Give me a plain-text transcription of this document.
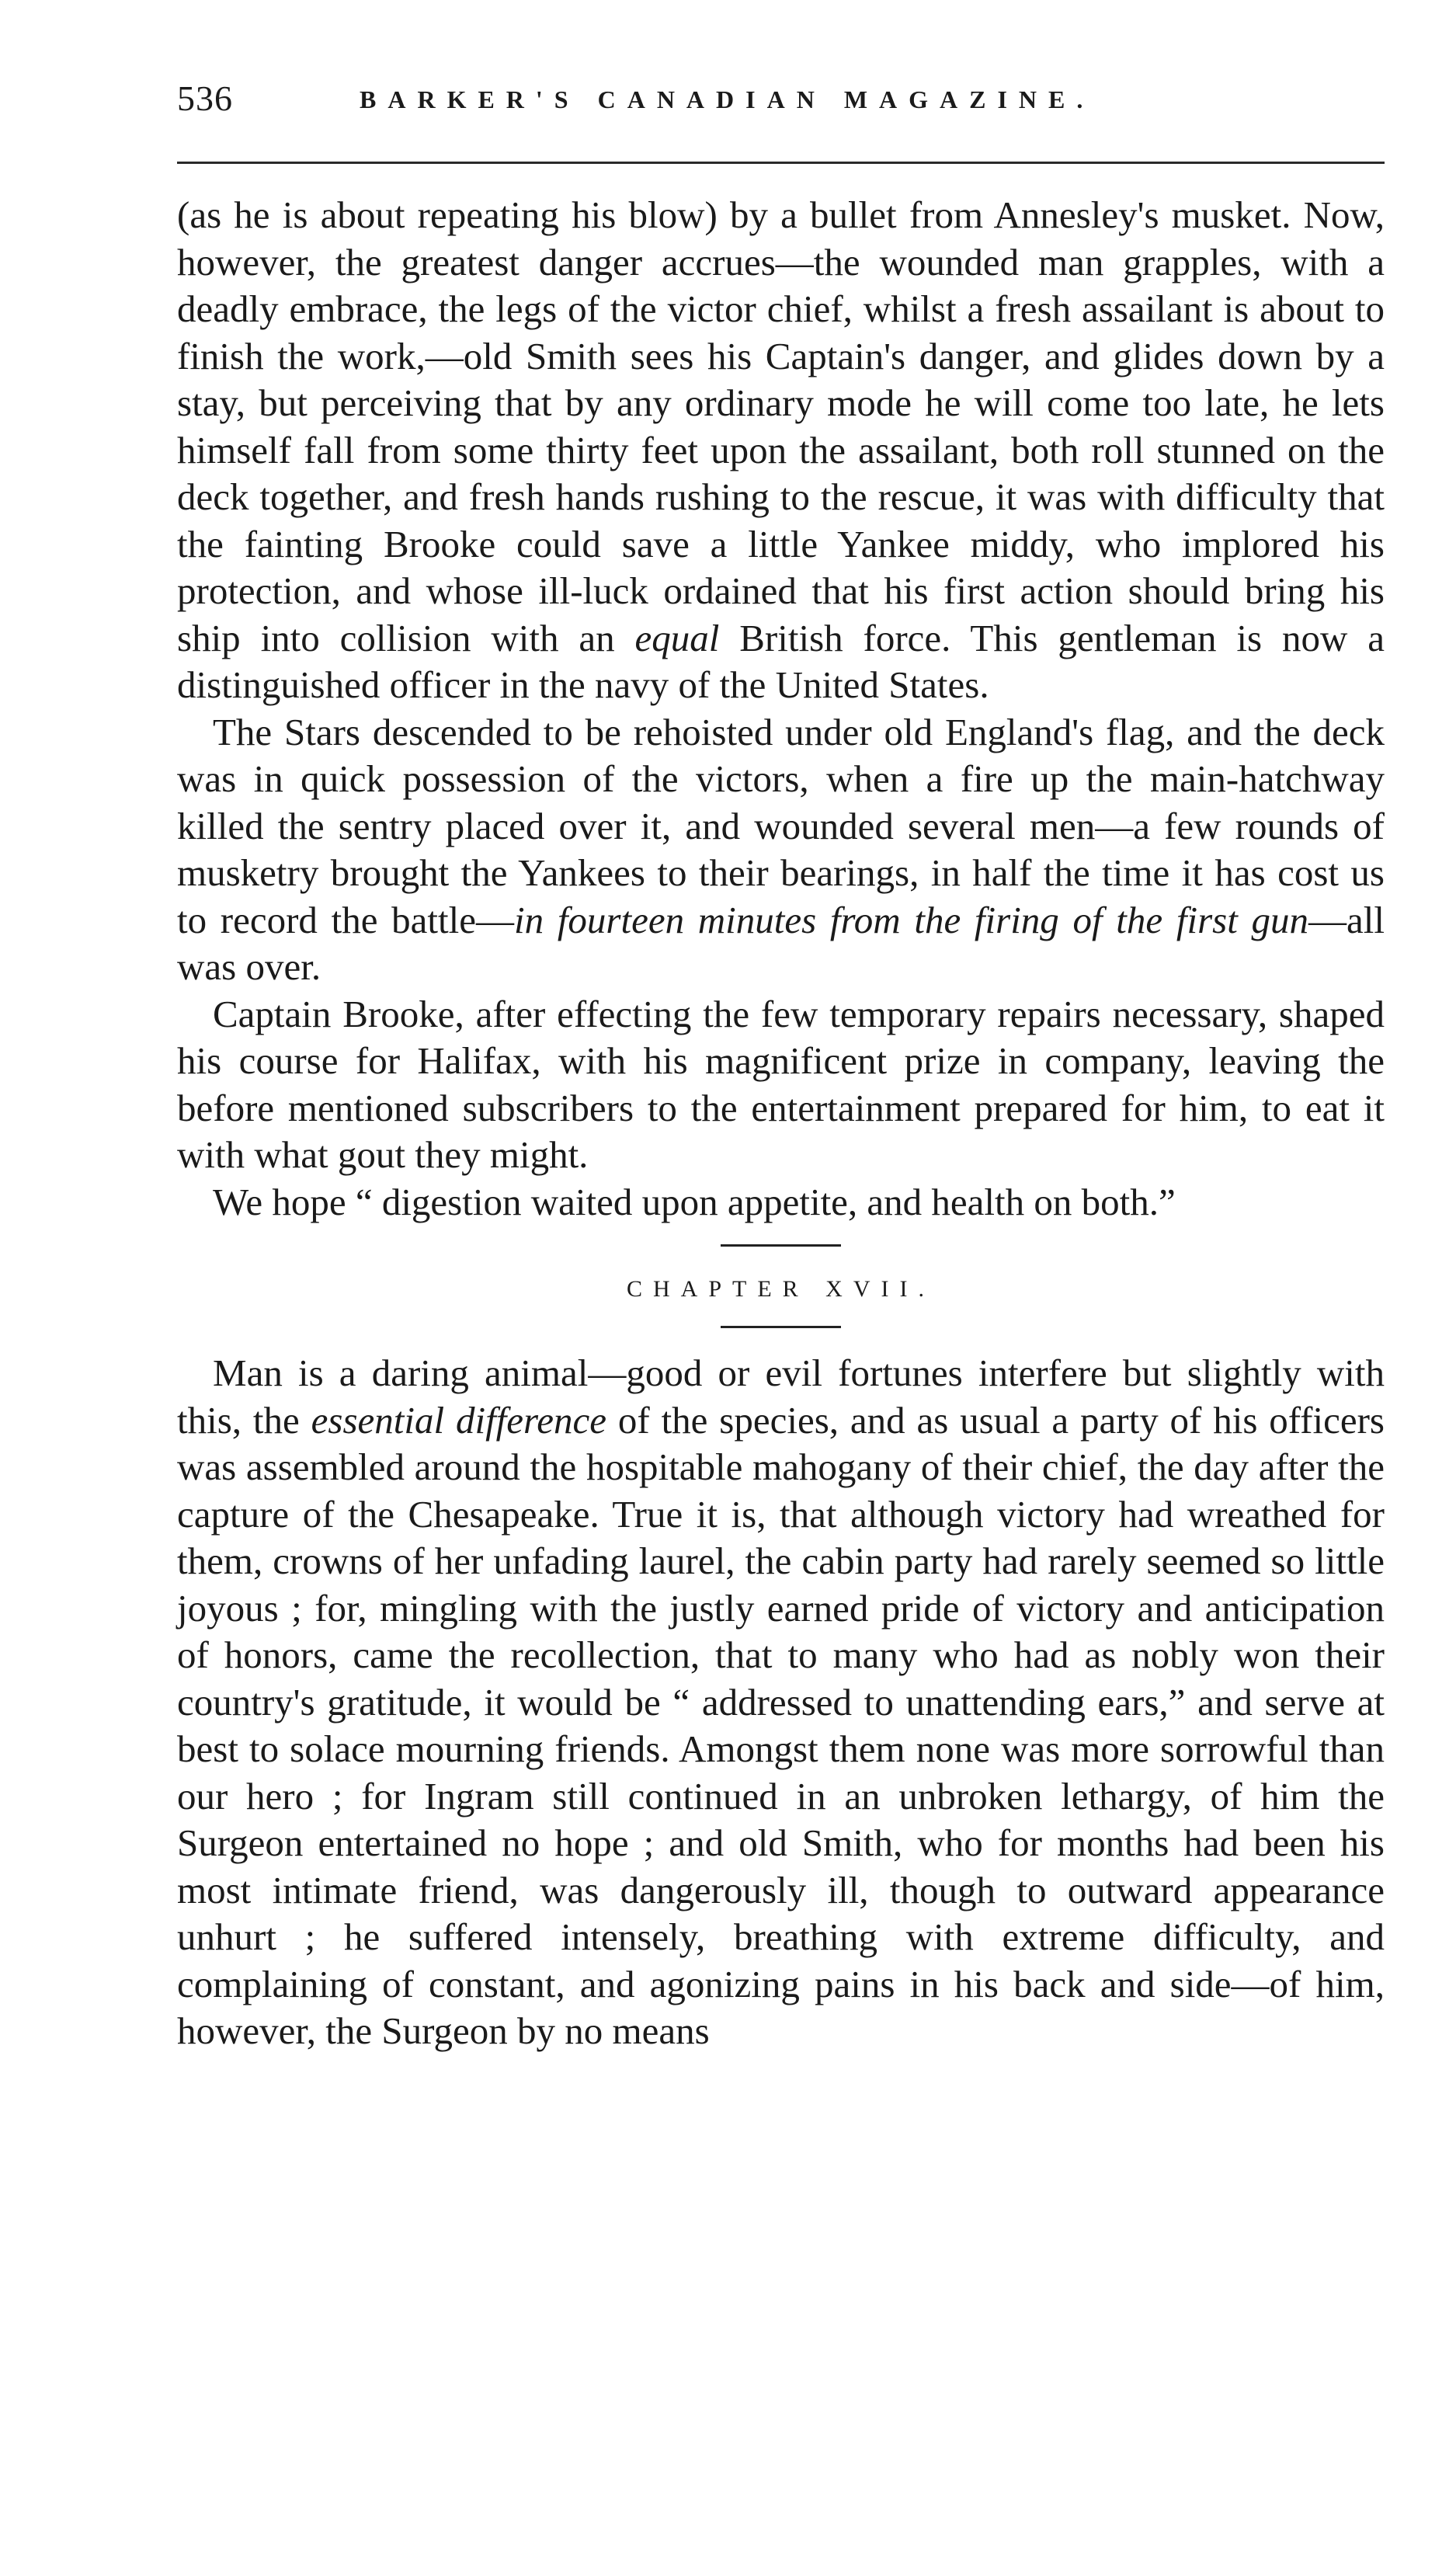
536	BARKER'S CANADIAN MAGAZINE.

(as he is about repeating his blow) by a bullet from Annesley's musket. Now, however, the greatest danger accrues—the wounded man grapples, with a deadly embrace, the legs of the victor chief, whilst a fresh assailant is about to finish the work,—old Smith sees his Captain's danger, and glides down by a stay, but perceiving that by any ordinary mode he will come too late, he lets himself fall from some thirty feet upon the assailant, both roll stunned on the deck together, and fresh hands rushing to the rescue, it was with difficulty that the fainting Brooke could save a little Yankee middy, who implored his protection, and whose ill-luck ordained that his first action should bring his ship into collision with an equal British force. This gentleman is now a distinguished officer in the navy of the United States.

The Stars descended to be rehoisted under old England's flag, and the deck was in quick possession of the victors, when a fire up the main-hatchway killed the sentry placed over it, and wounded several men—a few rounds of musketry brought the Yankees to their bearings, in half the time it has cost us to record the battle—in fourteen minutes from the firing of the first gun—all was over.

Captain Brooke, after effecting the few temporary repairs necessary, shaped his course for Halifax, with his magnificent prize in company, leaving the before mentioned subscribers to the entertainment prepared for him, to eat it with what gout they might.

We hope “ digestion waited upon appetite, and health on both.”

CHAPTER XVII.

Man is a daring animal—good or evil fortunes interfere but slightly with this, the essential difference of the species, and as usual a party of his officers was assembled around the hospitable mahogany of their chief, the day after the capture of the Chesapeake. True it is, that although victory had wreathed for them, crowns of her unfading laurel, the cabin party had rarely seemed so little joyous ; for, mingling with the justly earned pride of victory and anticipation of honors, came the recollection, that to many who had as nobly won their country's gratitude, it would be “ addressed to unattending ears,” and serve at best to solace mourning friends. Amongst them none was more sorrowful than our hero ; for Ingram still continued in an unbroken lethargy, of him the Surgeon entertained no hope ; and old Smith, who for months had been his most intimate friend, was dangerously ill, though to outward appearance unhurt ; he suffered intensely, breathing with extreme difficulty, and complaining of constant, and agonizing pains in his back and side—of him, however, the Surgeon by no means
